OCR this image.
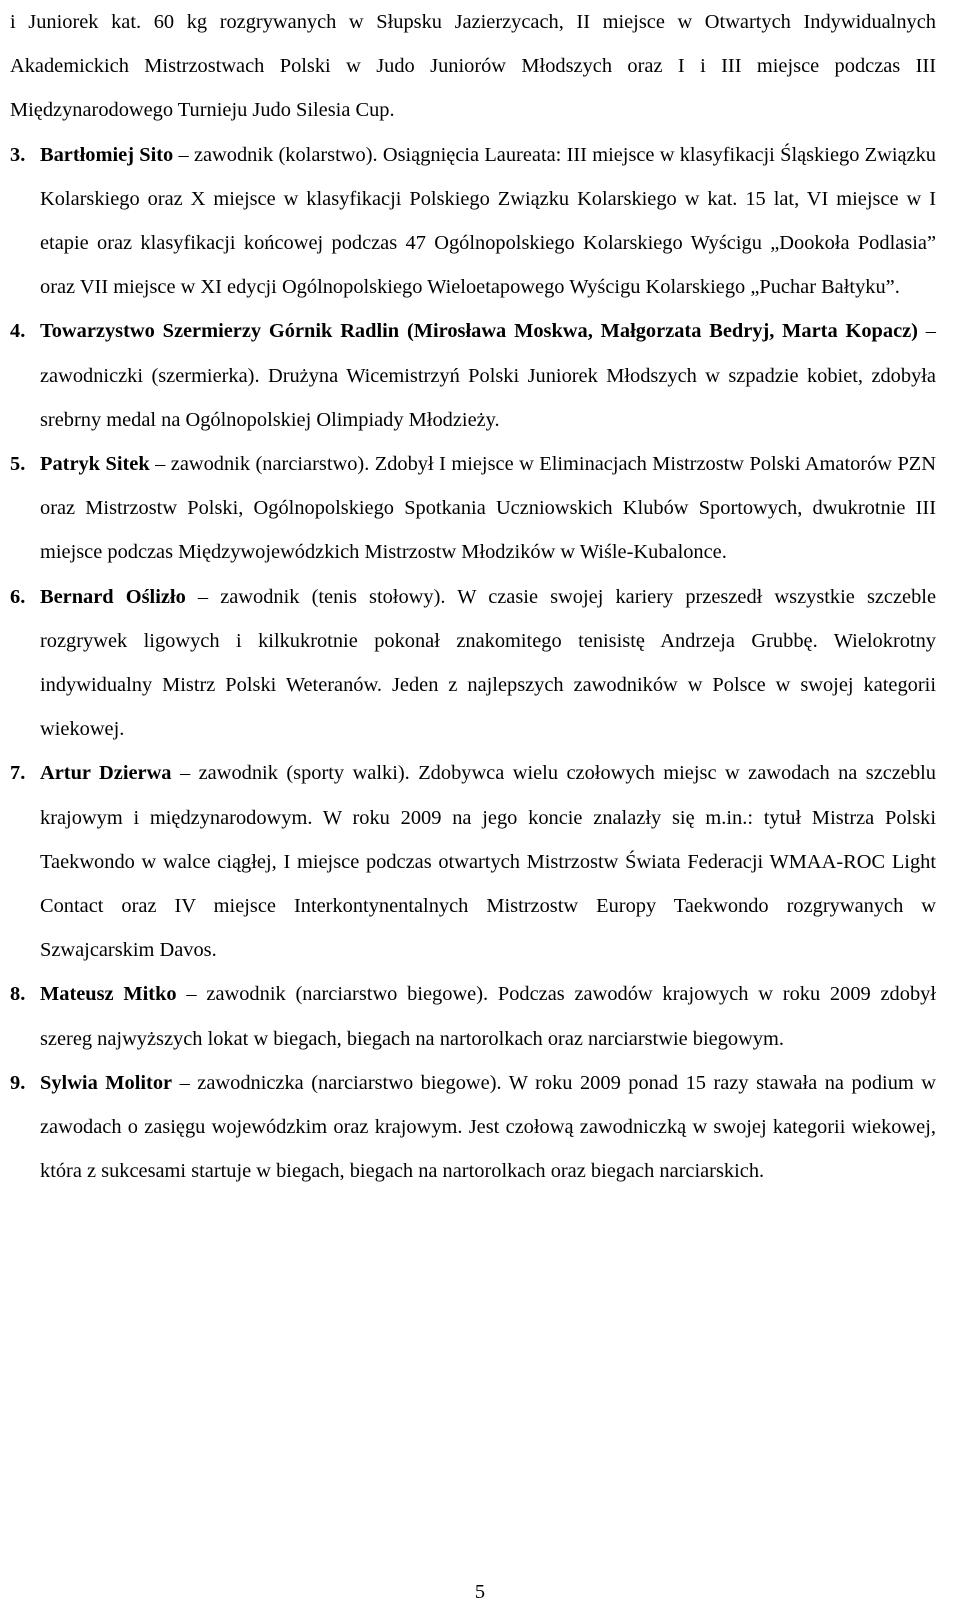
i Juniorek kat. 60 kg rozgrywanych w Słupsku Jazierzycach, II miejsce w Otwartych Indywidualnych Akademickich Mistrzostwach Polski w Judo Juniorów Młodszych oraz I i III miejsce podczas III Międzynarodowego Turnieju Judo Silesia Cup.

3. Bartłomiej Sito – zawodnik (kolarstwo). Osiągnięcia Laureata: III miejsce w klasyfikacji Śląskiego Związku Kolarskiego oraz X miejsce w klasyfikacji Polskiego Związku Kolarskiego w kat. 15 lat, VI miejsce w I etapie oraz klasyfikacji końcowej podczas 47 Ogólnopolskiego Kolarskiego Wyścigu „Dookoła Podlasia” oraz VII miejsce w XI edycji Ogólnopolskiego Wieloetapowego Wyścigu Kolarskiego „Puchar Bałtyku”.
4. Towarzystwo Szermierzy Górnik Radlin (Mirosława Moskwa, Małgorzata Bedryj, Marta Kopacz) – zawodniczki (szermierka). Drużyna Wicemistrzyń Polski Juniorek Młodszych w szpadzie kobiet, zdobyła srebrny medal na Ogólnopolskiej Olimpiady Młodzieży.
5. Patryk Sitek – zawodnik (narciarstwo). Zdobył I miejsce w Eliminacjach Mistrzostw Polski Amatorów PZN oraz Mistrzostw Polski, Ogólnopolskiego Spotkania Uczniowskich Klubów Sportowych, dwukrotnie III miejsce podczas Międzywojewódzkich Mistrzostw Młodzików w Wiśle-Kubalonce.
6. Bernard Oślizło – zawodnik (tenis stołowy). W czasie swojej kariery przeszedł wszystkie szczeble rozgrywek ligowych i kilkukrotnie pokonał znakomitego tenisistę Andrzeja Grubbę. Wielokrotny indywidualny Mistrz Polski Weteranów. Jeden z najlepszych zawodników w Polsce w swojej kategorii wiekowej.
7. Artur Dzierwa – zawodnik (sporty walki). Zdobywca wielu czołowych miejsc w zawodach na szczeblu krajowym i międzynarodowym. W roku 2009 na jego koncie znalazły się m.in.: tytuł Mistrza Polski Taekwondo w walce ciągłej, I miejsce podczas otwartych Mistrzostw Świata Federacji WMAA-ROC Light Contact oraz IV miejsce Interkontynentalnych Mistrzostw Europy Taekwondo rozgrywanych w Szwajcarskim Davos.
8. Mateusz Mitko – zawodnik (narciarstwo biegowe). Podczas zawodów krajowych w roku 2009 zdobył szereg najwyższych lokat w biegach, biegach na nartorolkach oraz narciarstwie biegowym.
9. Sylwia Molitor – zawodniczka (narciarstwo biegowe). W roku 2009 ponad 15 razy stawała na podium w zawodach o zasięgu wojewódzkim oraz krajowym. Jest czołową zawodniczką w swojej kategorii wiekowej, która z sukcesami startuje w biegach, biegach na nartorolkach oraz biegach narciarskich.
5
